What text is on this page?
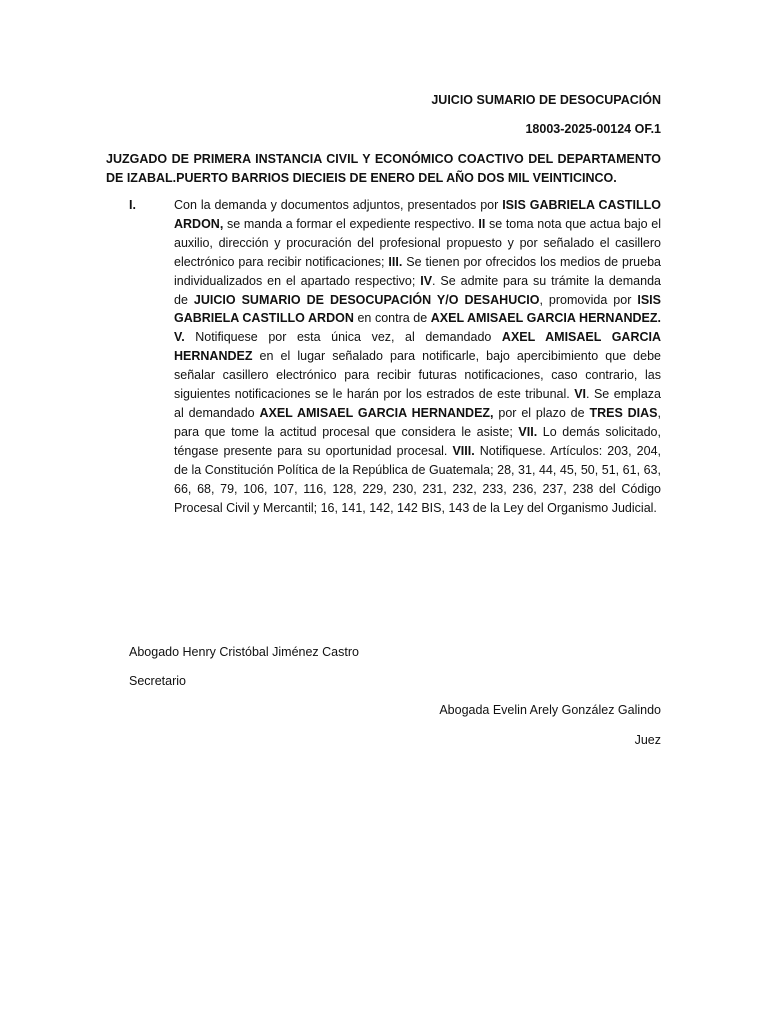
JUICIO SUMARIO DE DESOCUPACIÓN
18003-2025-00124 OF.1
JUZGADO DE PRIMERA INSTANCIA CIVIL Y ECONÓMICO COACTIVO DEL DEPARTAMENTO DE IZABAL.PUERTO BARRIOS DIECIEIS DE ENERO DEL AÑO DOS MIL VEINTICINCO.
I.	Con la demanda y documentos adjuntos, presentados por ISIS GABRIELA CASTILLO ARDON, se manda a formar el expediente respectivo. II se toma nota que actua bajo el auxilio, dirección y procuración del profesional propuesto y por señalado el casillero electrónico para recibir notificaciones; III. Se tienen por ofrecidos los medios de prueba individualizados en el apartado respectivo; IV. Se admite para su trámite la demanda de JUICIO SUMARIO DE DESOCUPACIÓN Y/O DESAHUCIO, promovida por ISIS GABRIELA CASTILLO ARDON en contra de AXEL AMISAEL GARCIA HERNANDEZ. V. Notifiquese por esta única vez, al demandado AXEL AMISAEL GARCIA HERNANDEZ en el lugar señalado para notificarle, bajo apercibimiento que debe señalar casillero electrónico para recibir futuras notificaciones, caso contrario, las siguientes notificaciones se le harán por los estrados de este tribunal. VI. Se emplaza al demandado AXEL AMISAEL GARCIA HERNANDEZ, por el plazo de TRES DIAS, para que tome la actitud procesal que considera le asiste; VII. Lo demás solicitado, téngase presente para su oportunidad procesal. VIII. Notifiquese. Artículos: 203, 204, de la Constitución Política de la República de Guatemala; 28, 31, 44, 45, 50, 51, 61, 63, 66, 68, 79, 106, 107, 116, 128, 229, 230, 231, 232, 233, 236, 237, 238 del Código Procesal Civil y Mercantil; 16, 141, 142, 142 BIS, 143 de la Ley del Organismo Judicial.
Abogado Henry Cristóbal Jiménez Castro
Secretario
Abogada Evelin Arely González Galindo
Juez
